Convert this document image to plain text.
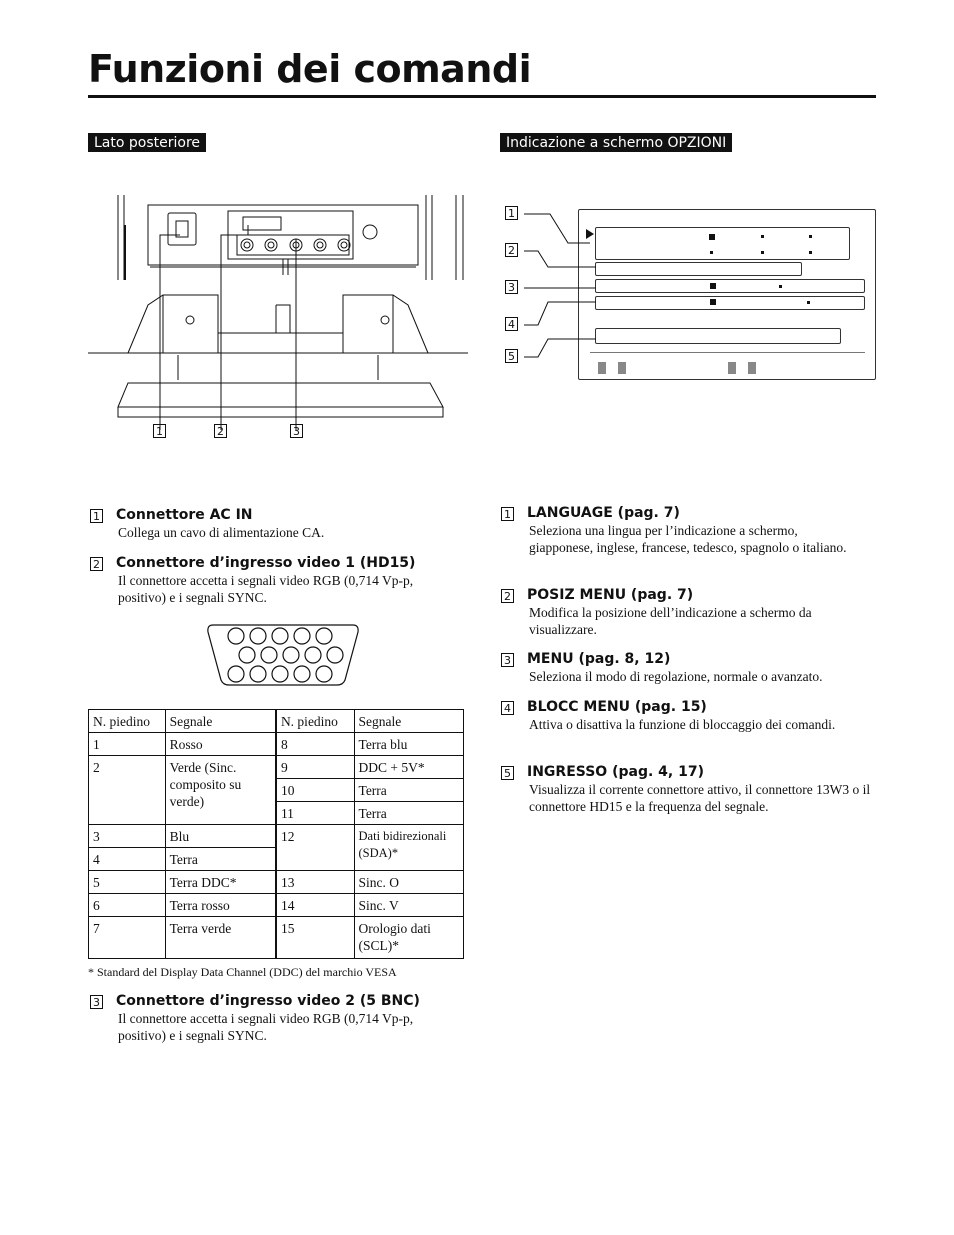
Funzioni dei comandi
Lato posteriore	Indicazione a schermo OPZIONI
1	2	3
1
2
3
4
5
1 Connettore AC IN
Collega un cavo di alimentazione CA.
2 Connettore d’ingresso video 1 (HD15)
Il connettore accetta i segnali video RGB (0,714 Vp-p, positivo) e i segnali SYNC.
N. piedino	Segnale		N. piedino	Segnale
1	Rosso		8	Terra blu
2	Verde (Sinc. composito su verde)		9	DDC + 5V*
		10	Terra
		11	Terra
3	Blu		12	Dati bidirezionali (SDA)*
4	Terra		
5	Terra DDC*		13	Sinc. O
6	Terra rosso		14	Sinc. V
7	Terra verde		15	Orologio dati (SCL)*
* Standard del Display Data Channel (DDC) del marchio VESA
3 Connettore d’ingresso video 2 (5 BNC)
Il connettore accetta i segnali video RGB (0,714 Vp-p, positivo) e i segnali SYNC.
1 LANGUAGE (pag. 7)
Seleziona una lingua per l’indicazione a schermo, giapponese, inglese, francese, tedesco, spagnolo o italiano.
2 POSIZ MENU (pag. 7)
Modifica la posizione dell’indicazione a schermo da visualizzare.
3 MENU (pag. 8, 12)
Seleziona il modo di regolazione, normale o avanzato.
4 BLOCC MENU (pag. 15)
Attiva o disattiva la funzione di bloccaggio dei comandi.
5 INGRESSO (pag. 4, 17)
Visualizza il corrente connettore attivo, il connettore 13W3 o il connettore HD15 e la frequenza del segnale.
